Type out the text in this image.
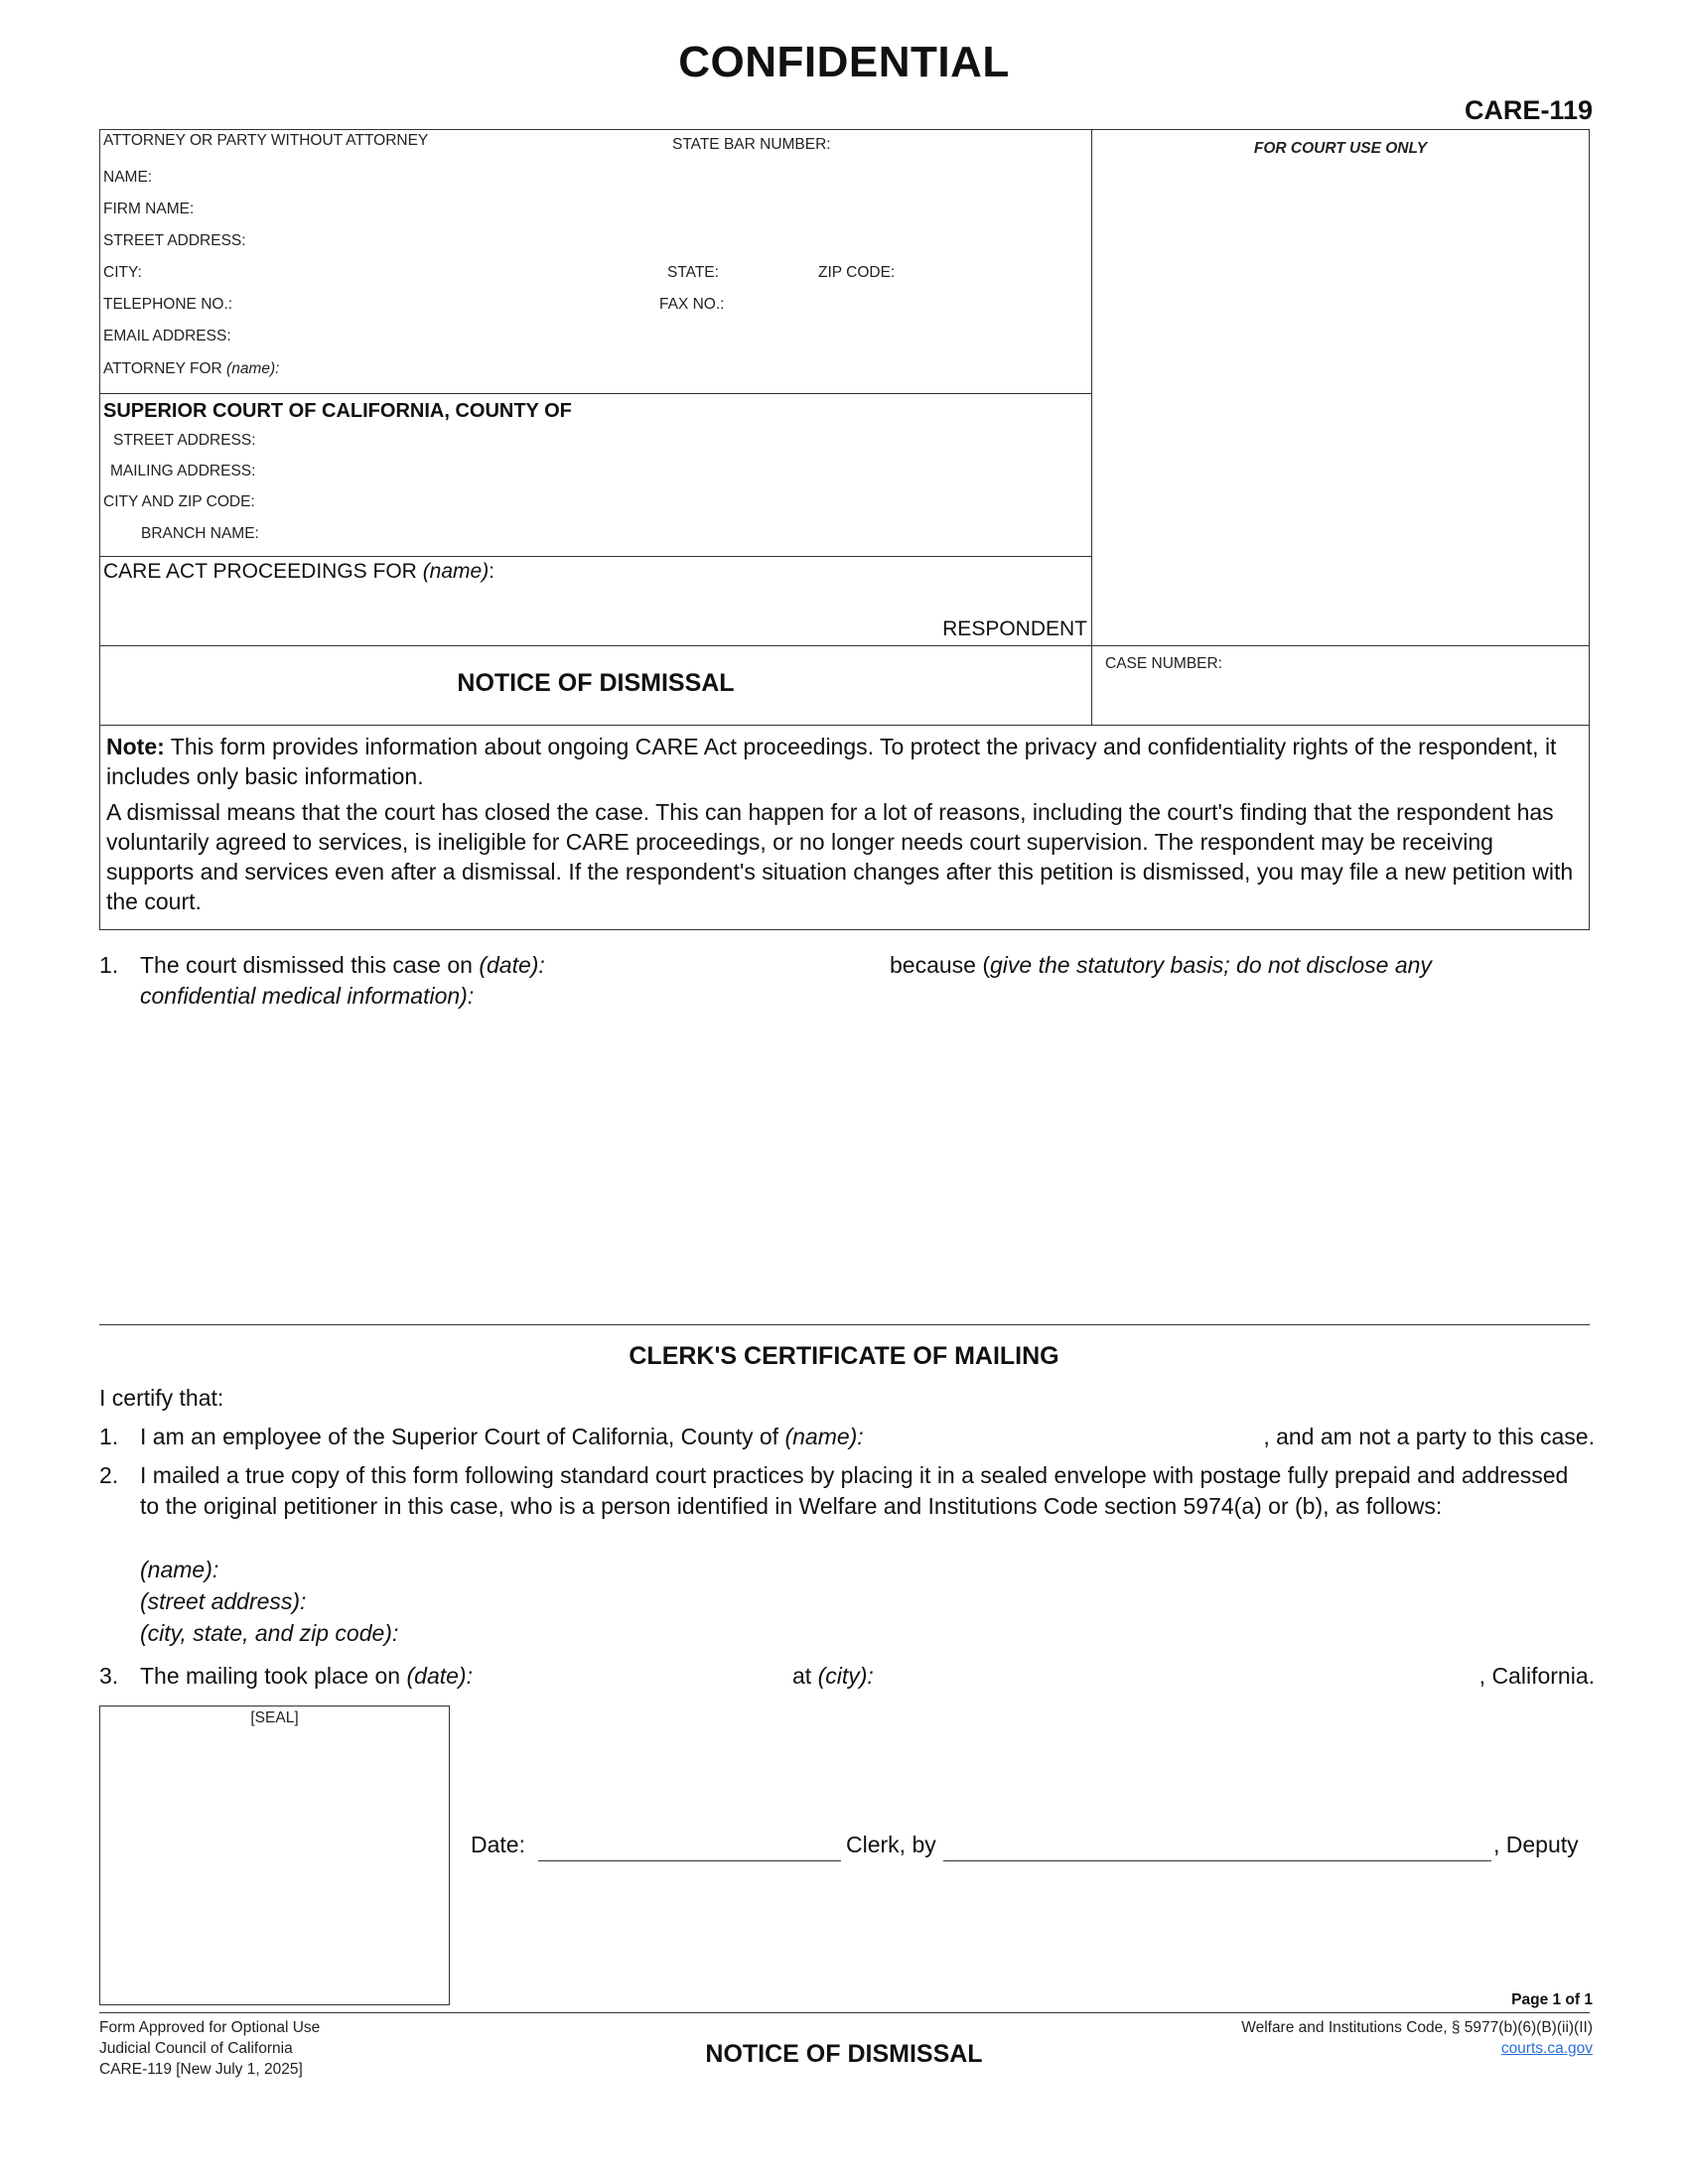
CONFIDENTIAL
CARE-119
ATTORNEY OR PARTY WITHOUT ATTORNEY	STATE BAR NUMBER:
NAME:
FIRM NAME:
STREET ADDRESS:
CITY:	STATE:	ZIP CODE:
TELEPHONE NO.:	FAX NO.:
EMAIL ADDRESS:
ATTORNEY FOR (name):
FOR COURT USE ONLY
SUPERIOR COURT OF CALIFORNIA, COUNTY OF
STREET ADDRESS:
MAILING ADDRESS:
CITY AND ZIP CODE:
BRANCH NAME:
CARE ACT PROCEEDINGS FOR (name):
RESPONDENT
NOTICE OF DISMISSAL
CASE NUMBER:

Note: This form provides information about ongoing CARE Act proceedings. To protect the privacy and confidentiality rights of the respondent, it includes only basic information.

A dismissal means that the court has closed the case. This can happen for a lot of reasons, including the court's finding that the respondent has voluntarily agreed to services, is ineligible for CARE proceedings, or no longer needs court supervision. The respondent may be receiving supports and services even after a dismissal. If the respondent's situation changes after this petition is dismissed, you may file a new petition with the court.

1. The court dismissed this case on (date):	because (give the statutory basis; do not disclose any
confidential medical information):
CLERK'S CERTIFICATE OF MAILING
I certify that:
1. I am an employee of the Superior Court of California, County of (name):	, and am not a party to this case.
2. I mailed a true copy of this form following standard court practices by placing it in a sealed envelope with postage fully prepaid and addressed to the original petitioner in this case, who is a person identified in Welfare and Institutions Code section 5974(a) or (b), as follows:
(name):
(street address):
(city, state, and zip code):
3. The mailing took place on (date):	at (city):	, California.
[SEAL]
Date:	Clerk, by	, Deputy
Page 1 of 1
Form Approved for Optional Use
Judicial Council of California
CARE-119 [New July 1, 2025]
NOTICE OF DISMISSAL
Welfare and Institutions Code, § 5977(b)(6)(B)(ii)(II)
courts.ca.gov
